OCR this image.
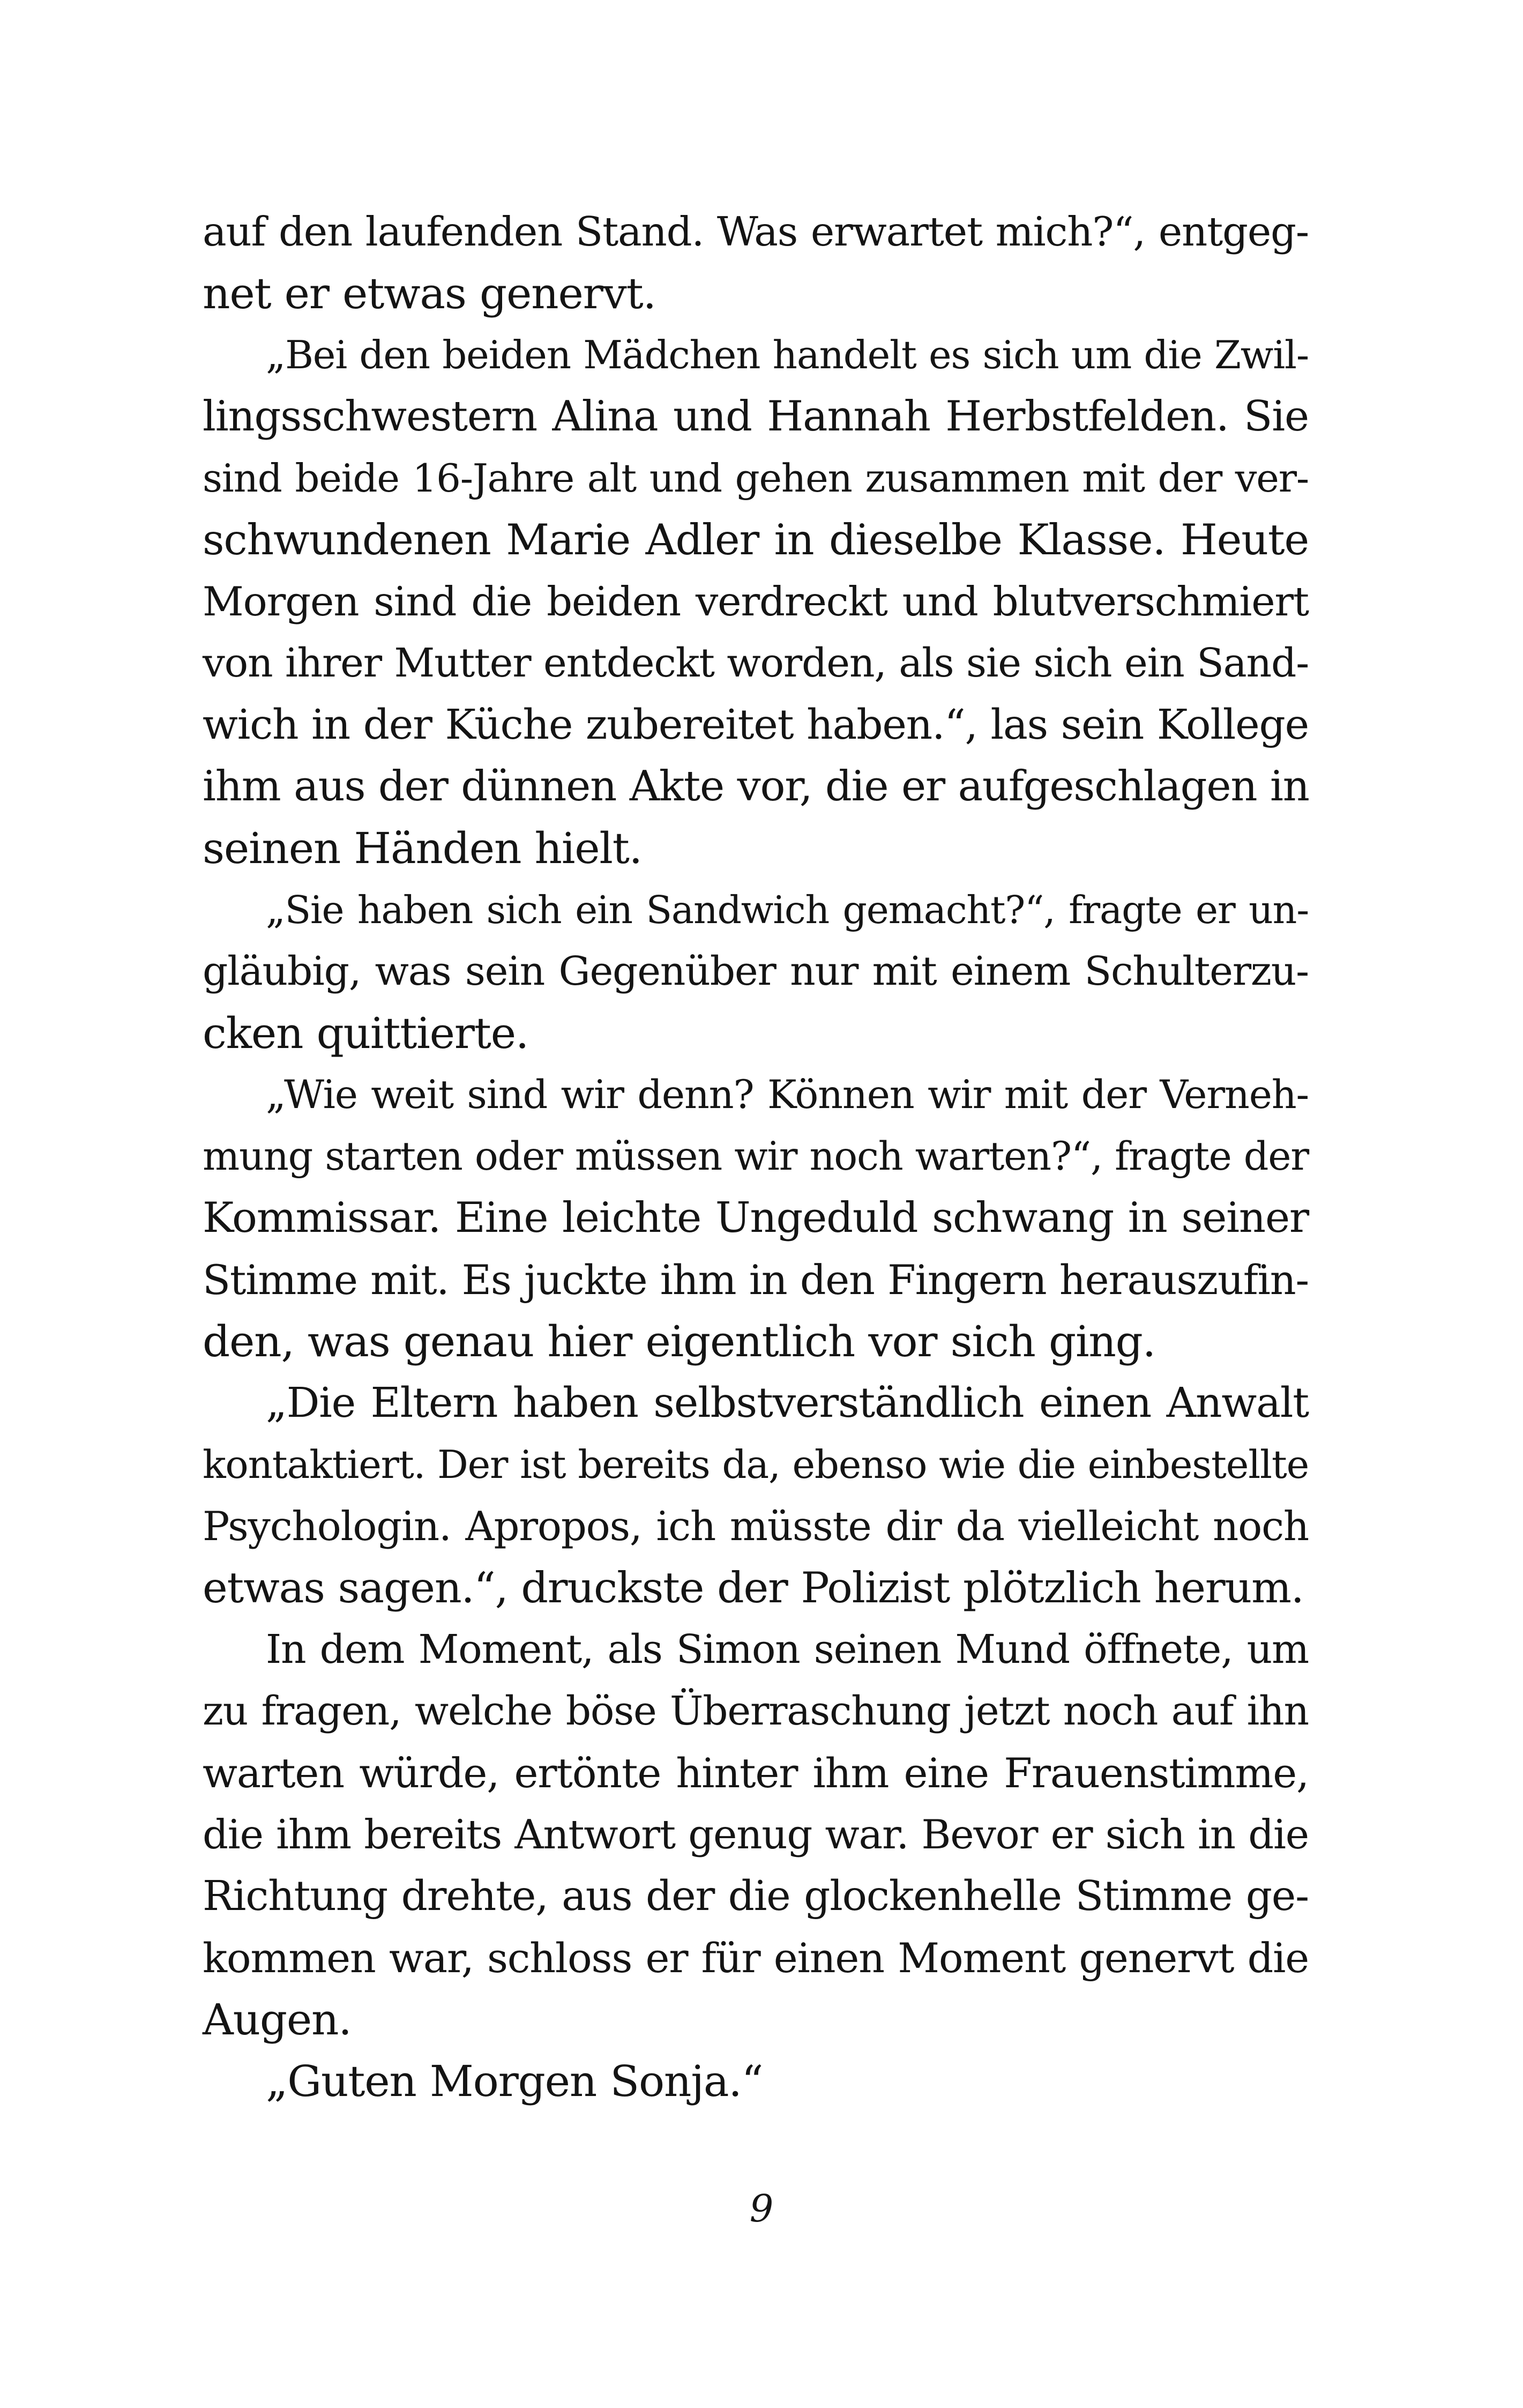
auf den laufenden Stand. Was erwartet mich?“, entgeg-
net er etwas genervt.
„Bei den beiden Mädchen handelt es sich um die Zwil-
lingsschwestern Alina und Hannah Herbstfelden. Sie
sind beide 16-Jahre alt und gehen zusammen mit der ver-
schwundenen Marie Adler in dieselbe Klasse. Heute
Morgen sind die beiden verdreckt und blutverschmiert
von ihrer Mutter entdeckt worden, als sie sich ein Sand-
wich in der Küche zubereitet haben.“, las sein Kollege
ihm aus der dünnen Akte vor, die er aufgeschlagen in
seinen Händen hielt.
„Sie haben sich ein Sandwich gemacht?“, fragte er un-
gläubig, was sein Gegenüber nur mit einem Schulterzu-
cken quittierte.
„Wie weit sind wir denn? Können wir mit der Verneh-
mung starten oder müssen wir noch warten?“, fragte der
Kommissar. Eine leichte Ungeduld schwang in seiner
Stimme mit. Es juckte ihm in den Fingern herauszufin-
den, was genau hier eigentlich vor sich ging.
„Die Eltern haben selbstverständlich einen Anwalt
kontaktiert. Der ist bereits da, ebenso wie die einbestellte
Psychologin. Apropos, ich müsste dir da vielleicht noch
etwas sagen.“, druckste der Polizist plötzlich herum.
In dem Moment, als Simon seinen Mund öffnete, um
zu fragen, welche böse Überraschung jetzt noch auf ihn
warten würde, ertönte hinter ihm eine Frauenstimme,
die ihm bereits Antwort genug war. Bevor er sich in die
Richtung drehte, aus der die glockenhelle Stimme ge-
kommen war, schloss er für einen Moment genervt die
Augen.
„Guten Morgen Sonja.“
9
